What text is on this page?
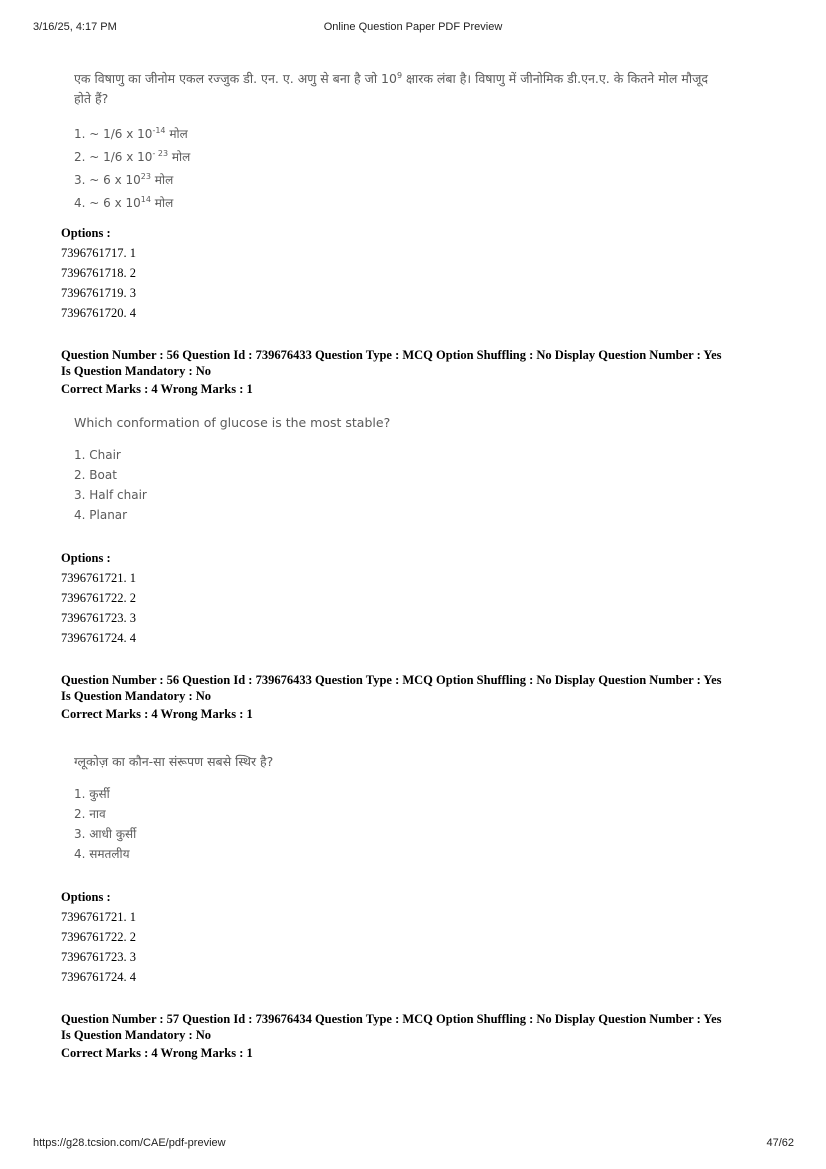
3/16/25, 4:17 PM	Online Question Paper PDF Preview
एक विषाणु का जीनोम एकल रज्जुक डी. एन. ए. अणु से बना है जो $10^9$ क्षारक लंबा है। विषाणु में जीनोमिक डी.एन.ए. के कितने मोल मौजूद
होते हैं?
1. ~ 1/6 x $10^{-14}$ मोल
2. ~ 1/6 x $10^{- 23}$ मोल
3. ~ 6 x $10^{23}$ मोल
4. ~ 6 x $10^{14}$ मोल
Options :
7396761717. 1
7396761718. 2
7396761719. 3
7396761720. 4
Question Number : 56 Question Id : 739676433 Question Type : MCQ Option Shuffling : No Display Question Number : Yes
Is Question Mandatory : No
Correct Marks : 4 Wrong Marks : 1
Which conformation of glucose is the most stable?
1. Chair
2. Boat
3. Half chair
4. Planar
Options :
7396761721. 1
7396761722. 2
7396761723. 3
7396761724. 4
Question Number : 56 Question Id : 739676433 Question Type : MCQ Option Shuffling : No Display Question Number : Yes
Is Question Mandatory : No
Correct Marks : 4 Wrong Marks : 1
ग्लूकोज़ का कौन-सा संरूपण सबसे स्थिर है?
1. कुर्सी
2. नाव
3. आधी कुर्सी
4. समतलीय
Options :
7396761721. 1
7396761722. 2
7396761723. 3
7396761724. 4
Question Number : 57 Question Id : 739676434 Question Type : MCQ Option Shuffling : No Display Question Number : Yes
Is Question Mandatory : No
Correct Marks : 4 Wrong Marks : 1
https://g28.tcsion.com/CAE/pdf-preview	47/62
